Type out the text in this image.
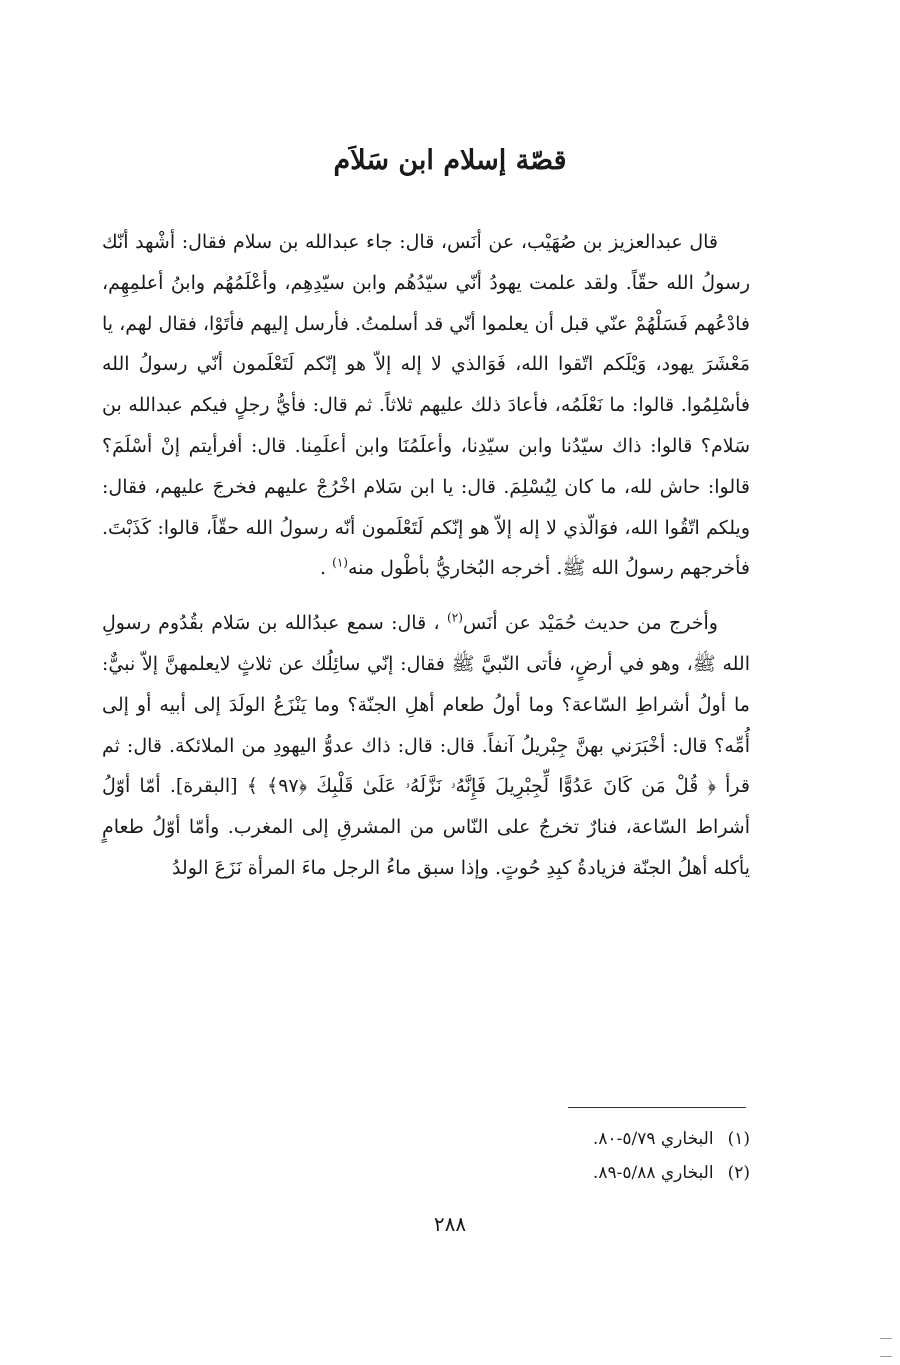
قصّة إسلام ابن سَلاَم

قال عبدالعزيز بن صُهَيْب، عن أنَس، قال: جاء عبدالله بن سلام فقال: أشْهد أنّك رسولُ الله حقّاً. ولقد علمت يهودُ أنّي سيّدُهُم وابن سيّدِهِم، وأعْلَمُهُم وابنُ أعلمِهِم، فادْعُهم فَسَلْهُمْ عنّي قبل أن يعلموا أنّي قد أسلمتُ. فأرسل إليهم فأتَوْا، فقال لهم، يا مَعْشَرَ يهود، وَيْلَكم اتّقوا الله، فَوَالذي لا إله إلاّ هو إنّكم لَتَعْلَمون أنّي رسولُ الله فأسْلِمُوا. قالوا: ما نَعْلَمُه، فأعادَ ذلك عليهم ثلاثاً. ثم قال: فأيُّ رجلٍ فيكم عبدالله بن سَلام؟ قالوا: ذاك سيّدُنا وابن سيّدِنا، وأعلَمُنَا وابن أعلَمِنا. قال: أفرأيتم إنْ أسْلَمَ؟ قالوا: حاش لله، ما كان لِيُسْلِمَ. قال: يا ابن سَلام اخْرُجْ عليهم فخرجَ عليهم، فقال: ويلكم اتّقُوا الله، فوَالّذي لا إله إلاّ هو إنّكم لَتَعْلَمون أنّه رسولُ الله حقّاً، قالوا: كَذَبْتَ. فأخرجهم رسولُ الله ﷺ. أخرجه البُخاريُّ بأطْول منه$^{(١)}$ .

وأخرج من حديث حُمَيْد عن أنَس$^{(٢)}$ ، قال: سمع عبدُالله بن سَلام بقُدُوم رسولِ الله ﷺ، وهو في أرضٍ، فأتى النّبيَّ ﷺ فقال: إنّي سائِلُك عن ثلاثٍ لايعلمهنَّ إلاّ نبيٌّ: ما أولُ أشراطِ السّاعة؟ وما أولُ طعام أهلِ الجنّة؟ وما يَنْزَعُ الولَدَ إلى أبيه أو إلى أُمِّه؟ قال: أخْبَرَني بهنَّ جِبْريلُ آنفاً. قال: قال: ذاك عدوُّ اليهودِ من الملائكة. قال: ثم قرأ ﴿ قُلْ مَن كَانَ عَدُوًّا لِّجِبْرِيلَ فَإِنَّهُۥ نَزَّلَهُۥ عَلَىٰ قَلْبِكَ ﴿٩٧﴾ ﴾ [البقرة]. أمّا أوّلُ أشراط السّاعة، فنارٌ تخرجُ على النّاس من المشرقِ إلى المغرب. وأمّا أوّلُ طعامٍ يأكله أهلُ الجنّة فزيادةُ كبِدِ حُوتٍ. وإذا سبق ماءُ الرجل ماءَ المرأة نَزَعَ الولدُ

(١)البخاري ٥/٧٩-٨٠.

(٢)البخاري ٥/٨٨-٨٩.

٢٨٨
